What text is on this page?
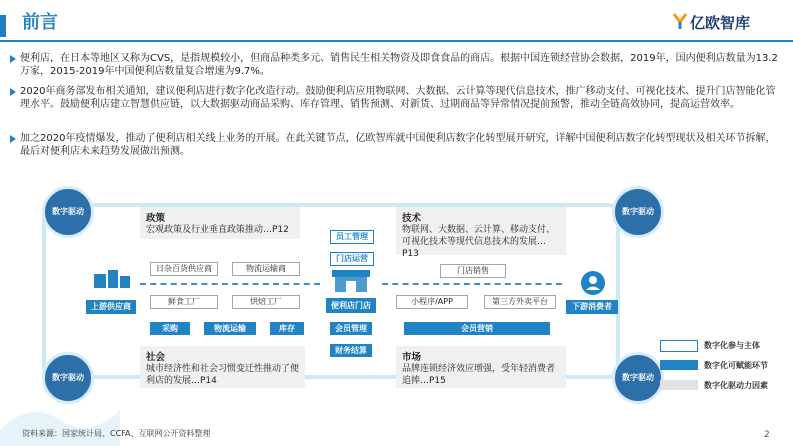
前言	亿欧智库
便利店，在日本等地区又称为CVS，是指规模较小，但商品种类多元、销售民生相关物资及即食食品的商店。根据中国连锁经营协会数据，2019年，国内便利店数量为13.2万家，2015-2019年中国便利店数量复合增速为9.7%。
2020年商务部发布相关通知，建议便利店进行数字化改造行动。鼓励便利店应用物联网、大数据、云计算等现代信息技术，推广移动支付、可视化技术、提升门店智能化管理水平。鼓励便利店建立智慧供应链，以大数据驱动商品采购、库存管理、销售预测、对新货、过期商品等异常情况提前预警，推动全链高效协同，提高运营效率。
加之2020年疫情爆发，推动了便利店相关线上业务的开展。在此关键节点，亿欧智库就中国便利店数字化转型展开研究，详解中国便利店数字化转型现状及相关环节拆解，最后对便利店未来趋势发展做出预测。
数字驱动	数字驱动
数字驱动	数字驱动
政策
宏观政策及行业垂直政策推动…P12
技术
物联网、大数据、云计算、移动支付、可视化技术等现代信息技术的发展…P13
社会
城市经济性和社会习惯变迁性推动了便利店的发展…P14
市场
品牌连锁经济效应增强，受年轻消费者追捧…P15
上游供应商	下游消费者
日杂百货供应商	物流运输商
鲜食工厂	烘焙工厂
采购	物流运输	库存
员工管理
门店运营
便利店门店
会员管理
财务结算
门店销售
小程序/APP	第三方外卖平台
会员营销
数字化参与主体
数字化可赋能环节
数字化驱动力因素
资料来源：国家统计局、CCFA、互联网公开资料整理	2
